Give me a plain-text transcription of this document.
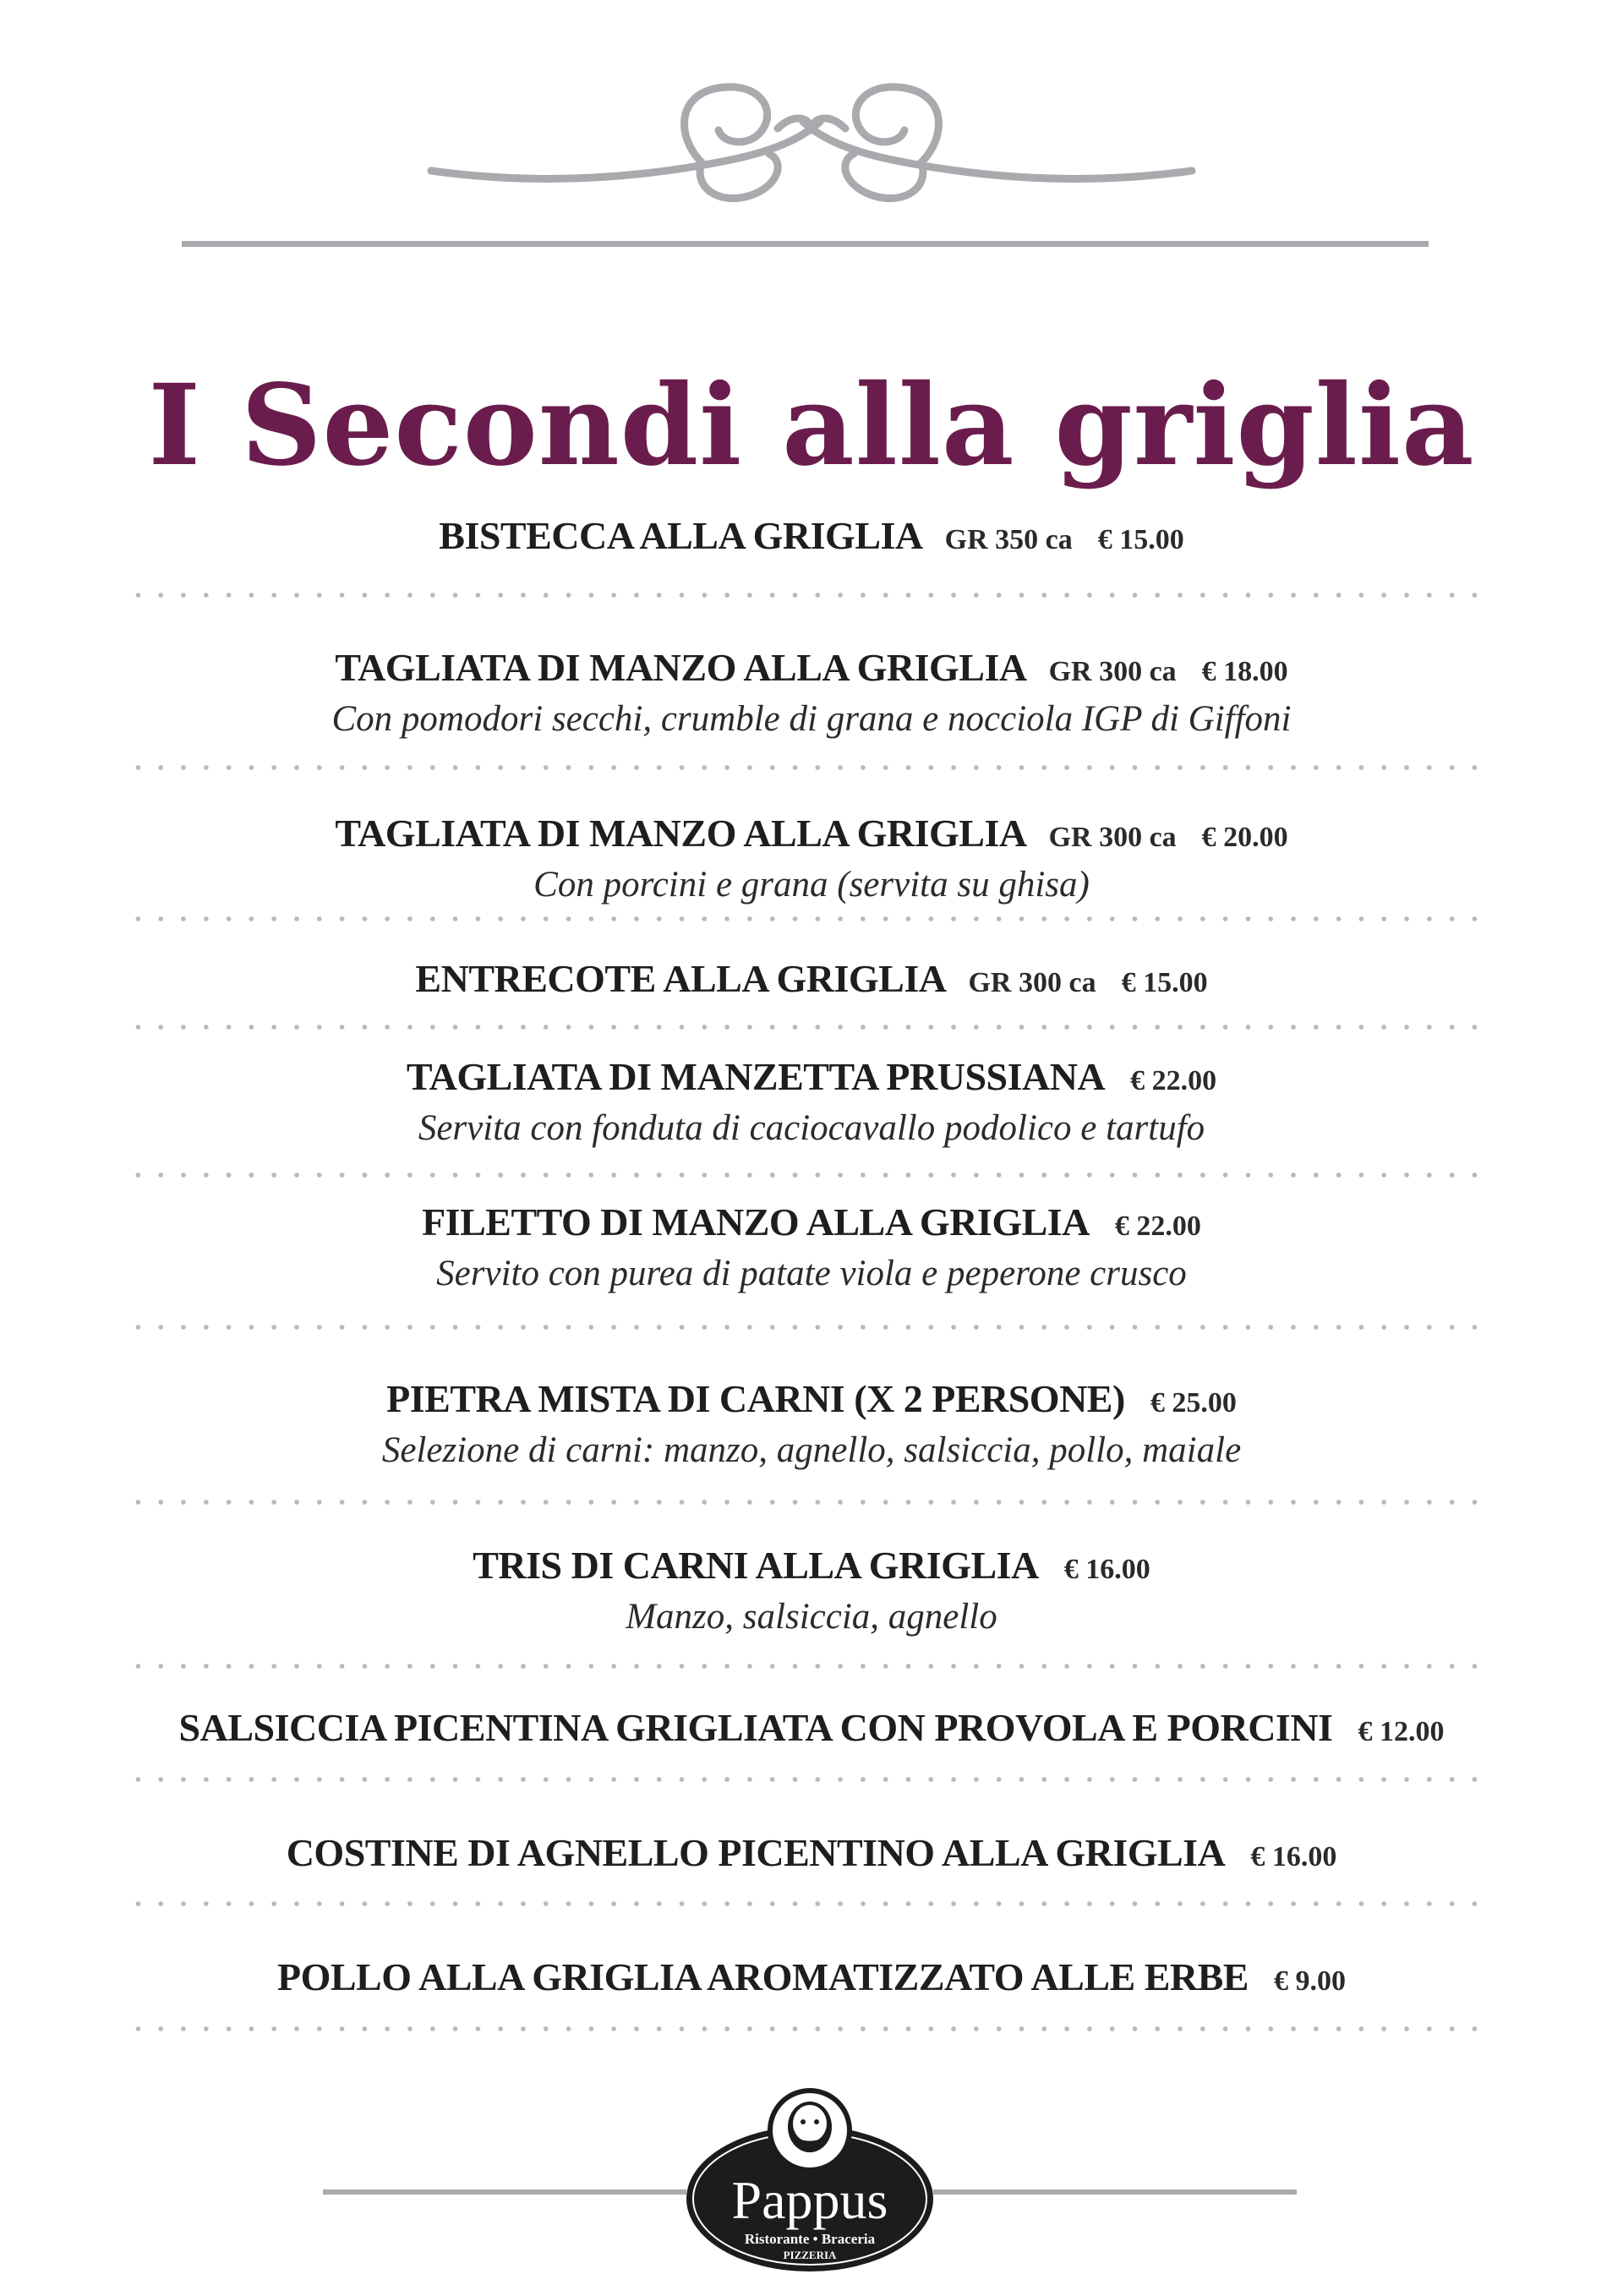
I Secondi alla griglia
BISTECCA ALLA GRIGLIA GR 350 ca € 15.00
TAGLIATA DI MANZO ALLA GRIGLIA GR 300 ca € 18.00
Con pomodori secchi, crumble di grana e nocciola IGP di Giffoni
TAGLIATA DI MANZO ALLA GRIGLIA GR 300 ca € 20.00
Con porcini e grana (servita su ghisa)
ENTRECOTE ALLA GRIGLIA GR 300 ca € 15.00
TAGLIATA DI MANZETTA PRUSSIANA € 22.00
Servita con fonduta di caciocavallo podolico e tartufo
FILETTO DI MANZO ALLA GRIGLIA € 22.00
Servito con purea di patate viola e peperone crusco
PIETRA MISTA DI CARNI (X 2 PERSONE) € 25.00
Selezione di carni: manzo, agnello, salsiccia, pollo, maiale
TRIS DI CARNI ALLA GRIGLIA € 16.00
Manzo, salsiccia, agnello
SALSICCIA PICENTINA GRIGLIATA CON PROVOLA E PORCINI € 12.00
COSTINE DI AGNELLO PICENTINO ALLA GRIGLIA € 16.00
POLLO ALLA GRIGLIA AROMATIZZATO ALLE ERBE € 9.00
Pappus
Ristorante • Braceria
PIZZERIA
